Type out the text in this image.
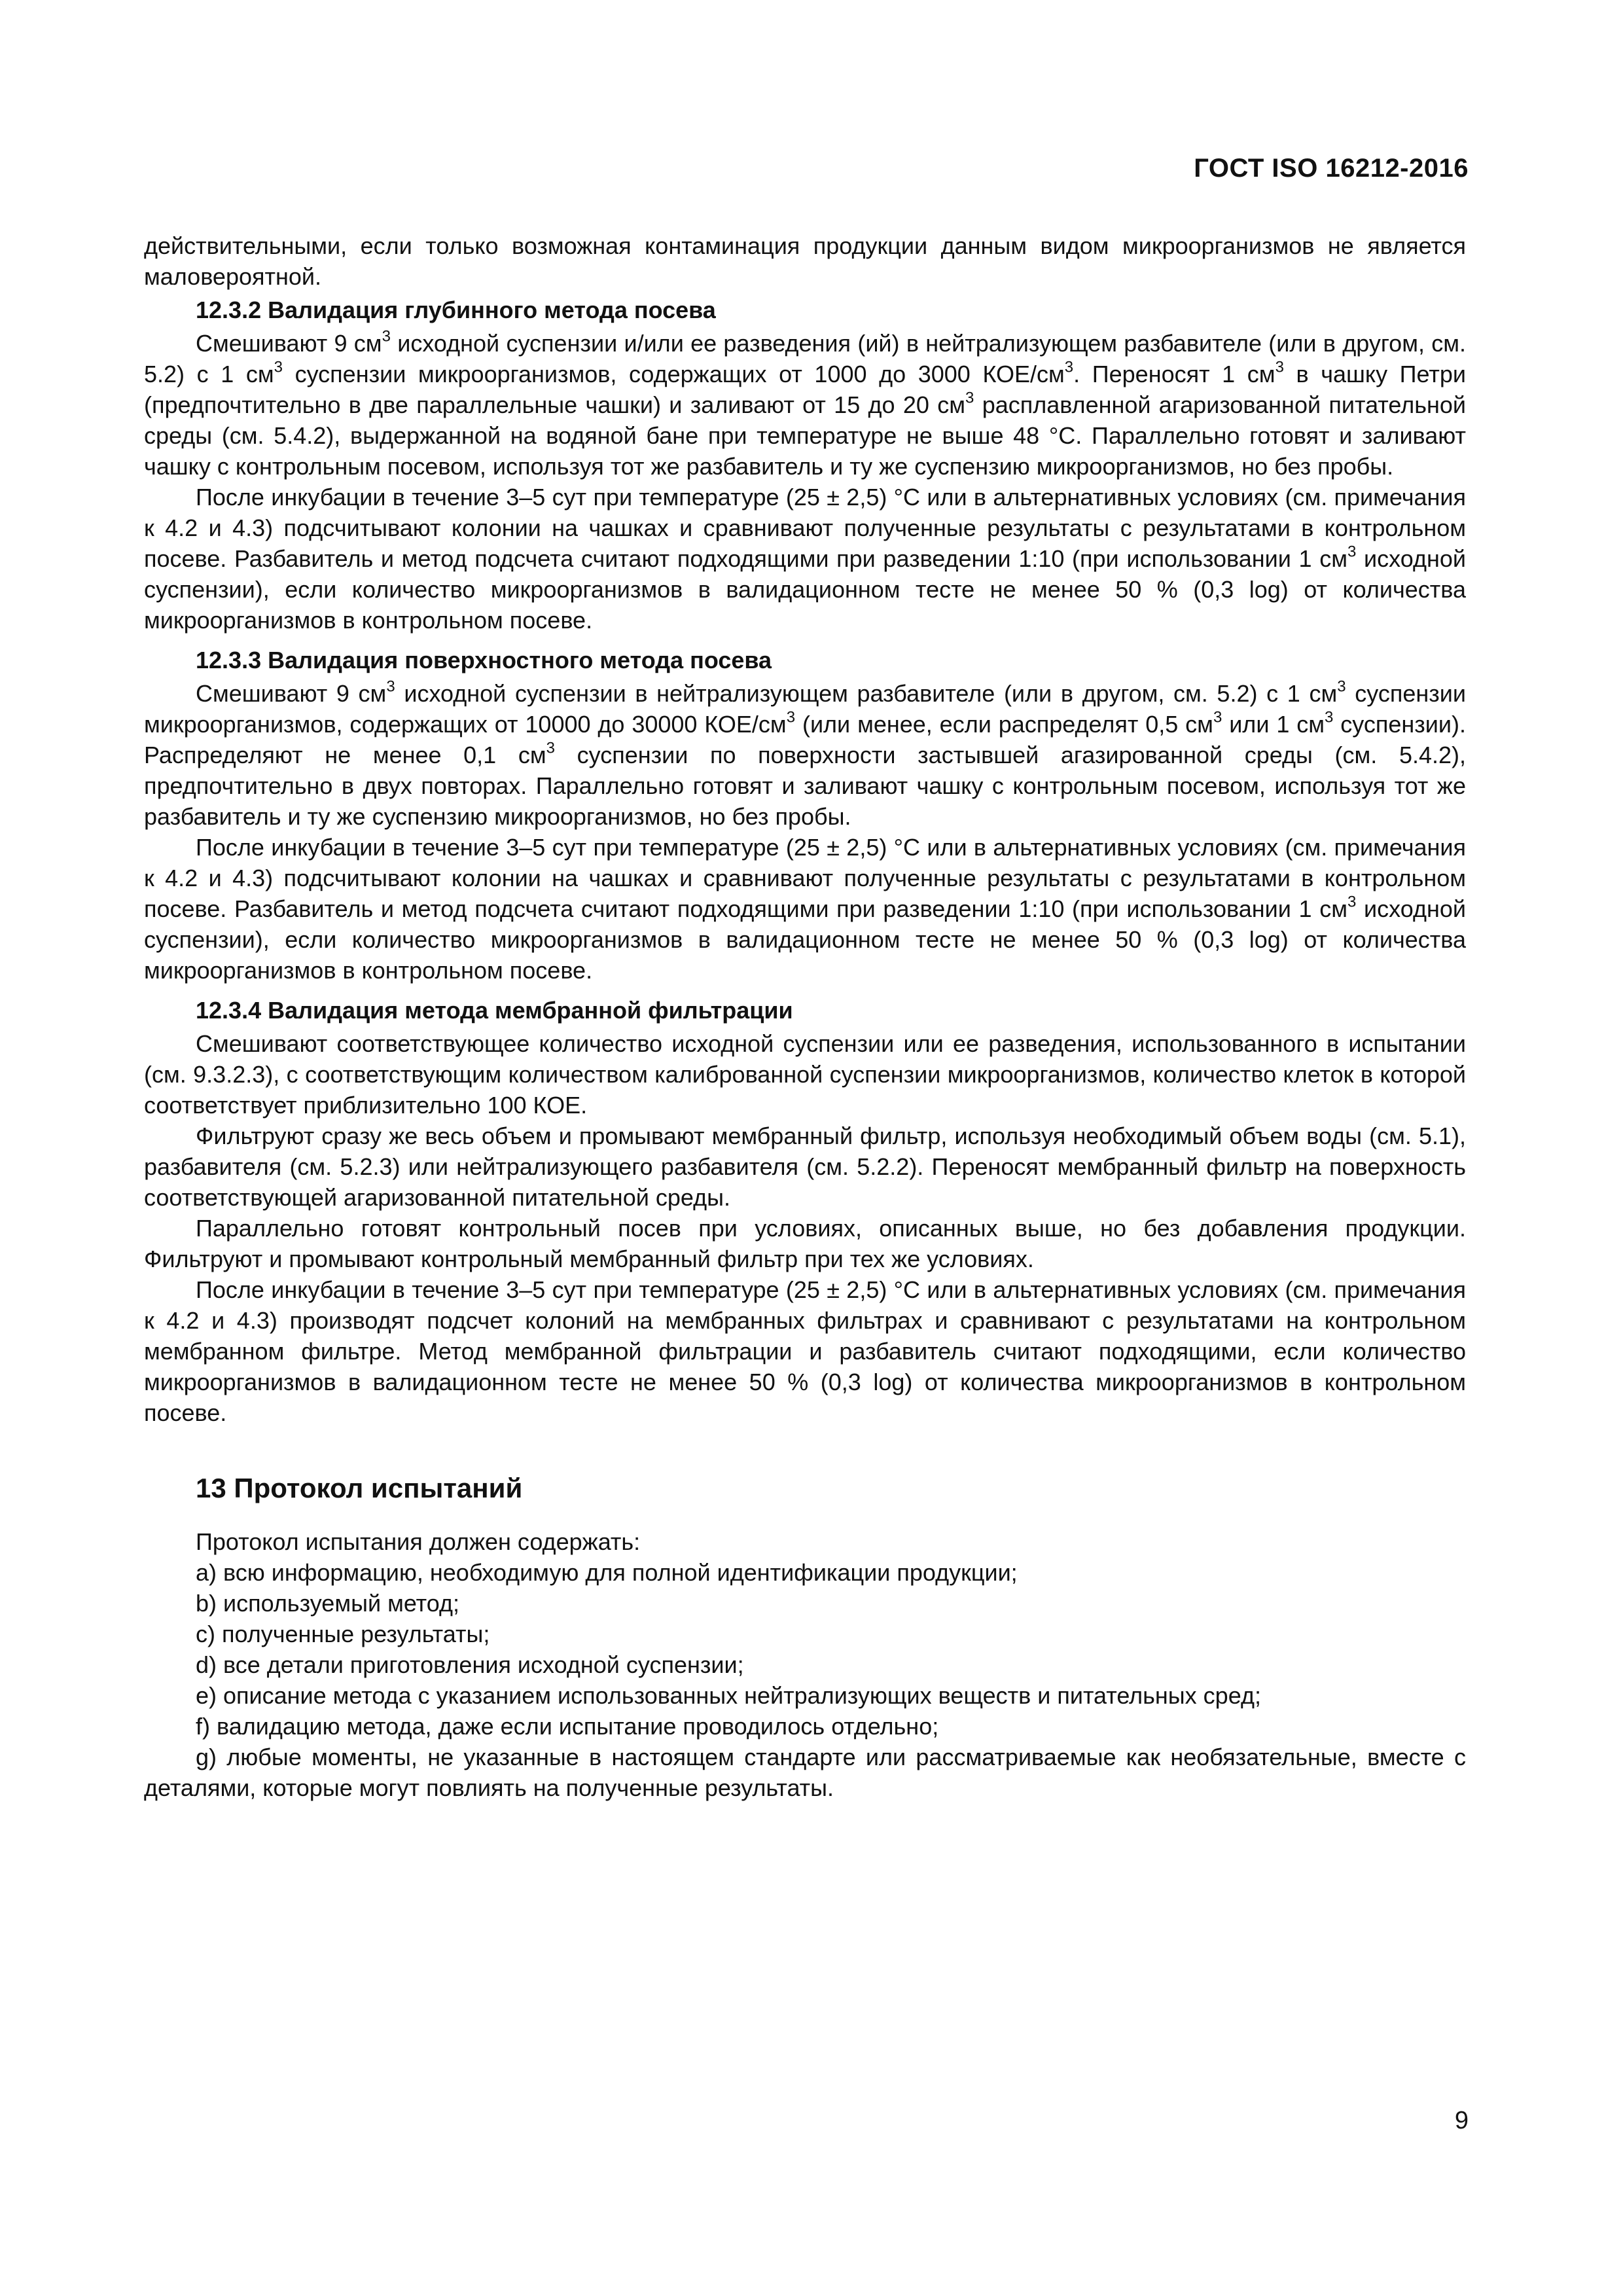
ГОСТ ISO 16212-2016

действительными, если только возможная контаминация продукции данным видом микроорганизмов не является маловероятной.

12.3.2 Валидация глубинного метода посева

Смешивают 9 $см^3$ исходной суспензии и/или ее разведения (ий) в нейтрализующем разбавителе (или в другом, см. 5.2) с 1 $см^3$ суспензии микроорганизмов, содержащих от 1000 до 3000 КОЕ/$см^3$. Переносят 1 $см^3$ в чашку Петри (предпочтительно в две параллельные чашки) и заливают от 15 до 20 $см^3$ расплавленной агаризованной питательной среды (см. 5.4.2), выдержанной на водяной бане при температуре не выше 48 °С. Параллельно готовят и заливают чашку с контрольным посевом, используя тот же разбавитель и ту же суспензию микроорганизмов, но без пробы.

После инкубации в течение 3–5 сут при температуре (25 ± 2,5) °С или в альтернативных условиях (см. примечания к 4.2 и 4.3) подсчитывают колонии на чашках и сравнивают полученные результаты с результатами в контрольном посеве. Разбавитель и метод подсчета считают подходящими при разведении 1:10 (при использовании 1 $см^3$ исходной суспензии), если количество микроорганизмов в валидационном тесте не менее 50 % (0,3 log) от количества микроорганизмов в контрольном посеве.

12.3.3 Валидация поверхностного метода посева

Смешивают 9 $см^3$ исходной суспензии в нейтрализующем разбавителе (или в другом, см. 5.2) с 1 $см^3$ суспензии микроорганизмов, содержащих от 10000 до 30000 КОЕ/$см^3$ (или менее, если распределят 0,5 $см^3$ или 1 $см^3$ суспензии). Распределяют не менее 0,1 $см^3$ суспензии по поверхности застывшей агазированной среды (см. 5.4.2), предпочтительно в двух повторах. Параллельно готовят и заливают чашку с контрольным посевом, используя тот же разбавитель и ту же суспензию микроорганизмов, но без пробы.

После инкубации в течение 3–5 сут при температуре (25 ± 2,5) °С или в альтернативных условиях (см. примечания к 4.2 и 4.3) подсчитывают колонии на чашках и сравнивают полученные результаты с результатами в контрольном посеве. Разбавитель и метод подсчета считают подходящими при разведении 1:10 (при использовании 1 $см^3$ исходной суспензии), если количество микроорганизмов в валидационном тесте не менее 50 % (0,3 log) от количества микроорганизмов в контрольном посеве.

12.3.4 Валидация метода мембранной фильтрации

Смешивают соответствующее количество исходной суспензии или ее разведения, использованного в испытании (см. 9.3.2.3), с соответствующим количеством калиброванной суспензии микроорганизмов, количество клеток в которой соответствует приблизительно 100 КОЕ.

Фильтруют сразу же весь объем и промывают мембранный фильтр, используя необходимый объем воды (см. 5.1), разбавителя (см. 5.2.3) или нейтрализующего разбавителя (см. 5.2.2). Переносят мембранный фильтр на поверхность соответствующей агаризованной питательной среды.

Параллельно готовят контрольный посев при условиях, описанных выше, но без добавления продукции. Фильтруют и промывают контрольный мембранный фильтр при тех же условиях.

После инкубации в течение 3–5 сут при температуре (25 ± 2,5) °С или в альтернативных условиях (см. примечания к 4.2 и 4.3) производят подсчет колоний на мембранных фильтрах и сравнивают с результатами на контрольном мембранном фильтре. Метод мембранной фильтрации и разбавитель считают подходящими, если количество микроорганизмов в валидационном тесте не менее 50 % (0,3 log) от количества микроорганизмов в контрольном посеве.

13 Протокол испытаний

Протокол испытания должен содержать:

a) всю информацию, необходимую для полной идентификации продукции;

b) используемый метод;

c) полученные результаты;

d) все детали приготовления исходной суспензии;

e) описание метода с указанием использованных нейтрализующих веществ и питательных сред;

f) валидацию метода, даже если испытание проводилось отдельно;

g) любые моменты, не указанные в настоящем стандарте или рассматриваемые как необязательные, вместе с деталями, которые могут повлиять на полученные результаты.

9
